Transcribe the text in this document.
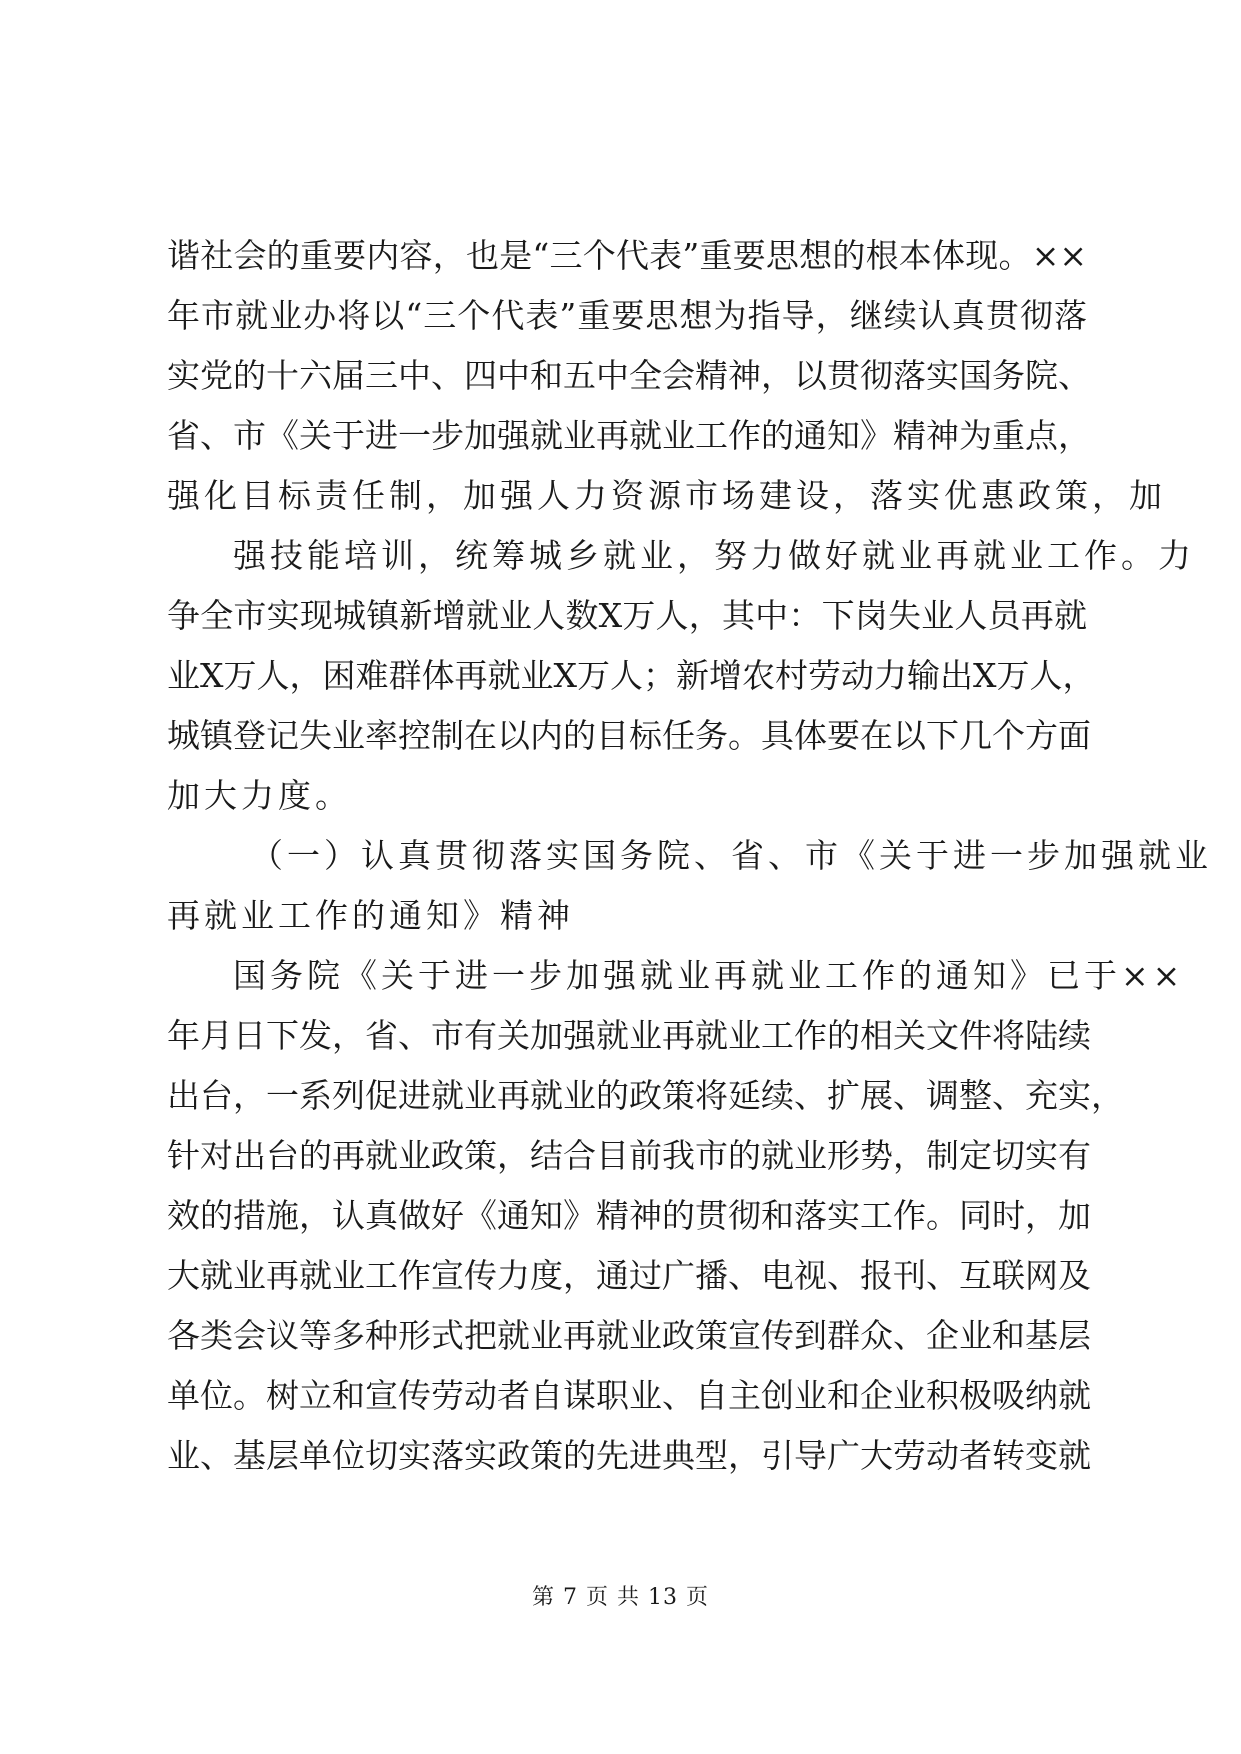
谐社会的重要内容，也是“三个代表”重要思想的根本体现。××
年市就业办将以“三个代表”重要思想为指导，继续认真贯彻落
实党的十六届三中、四中和五中全会精神，以贯彻落实国务院、
省、市《关于进一步加强就业再就业工作的通知》精神为重点，
强化目标责任制，加强人力资源市场建设，落实优惠政策，加
强技能培训，统筹城乡就业，努力做好就业再就业工作。力
争全市实现城镇新增就业人数X万人，其中：下岗失业人员再就
业X万人，困难群体再就业X万人；新增农村劳动力输出X万人，
城镇登记失业率控制在以内的目标任务。具体要在以下几个方面
加大力度。
（一）认真贯彻落实国务院、省、市《关于进一步加强就业
再就业工作的通知》精神
国务院《关于进一步加强就业再就业工作的通知》已于××
年月日下发，省、市有关加强就业再就业工作的相关文件将陆续
出台，一系列促进就业再就业的政策将延续、扩展、调整、充实，
针对出台的再就业政策，结合目前我市的就业形势，制定切实有
效的措施，认真做好《通知》精神的贯彻和落实工作。同时，加
大就业再就业工作宣传力度，通过广播、电视、报刊、互联网及
各类会议等多种形式把就业再就业政策宣传到群众、企业和基层
单位。树立和宣传劳动者自谋职业、自主创业和企业积极吸纳就
业、基层单位切实落实政策的先进典型，引导广大劳动者转变就
第 7 页 共 13 页
